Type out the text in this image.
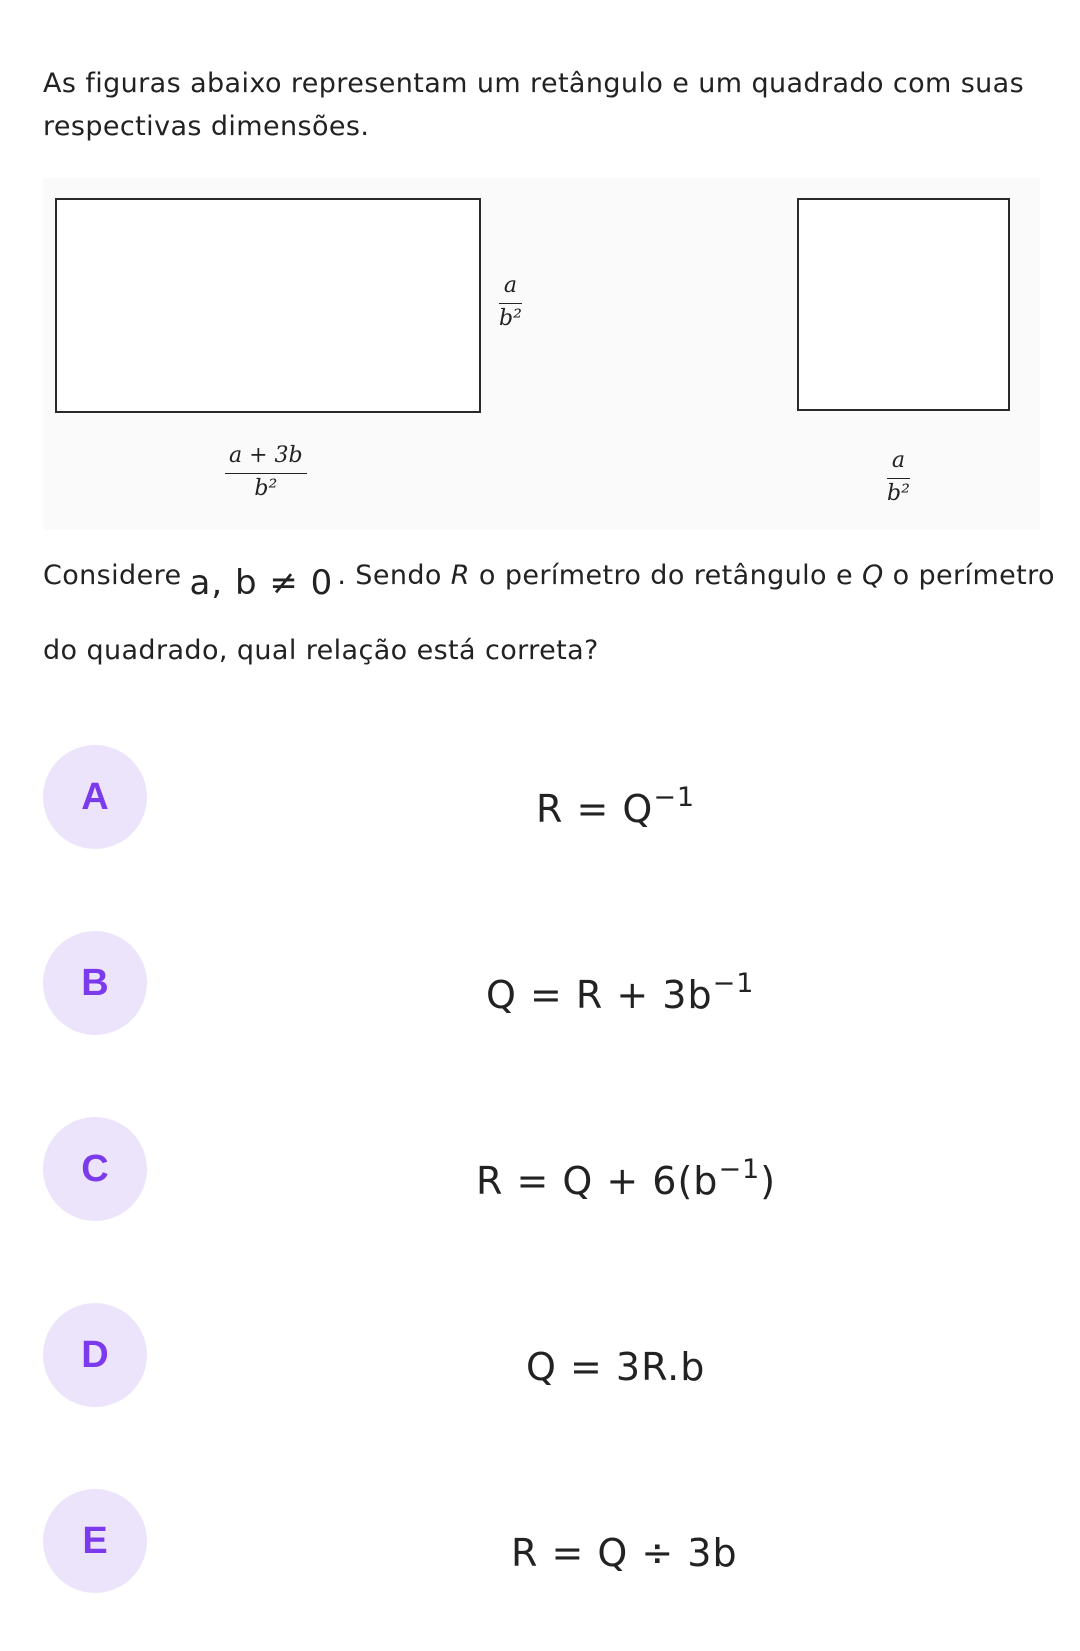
As figuras abaixo representam um retângulo e um quadrado com suas respectivas dimensões.

$\frac{a}{\text{b²}}$
$\frac{a + 3b}{\text{b²}}$	$\frac{a}{\text{b²}}$
Considere a, b ≠ 0 . Sendo R o perímetro do retângulo e Q o perímetro
do quadrado, qual relação está correta?
A	$R = Q^{-1}$
B	$Q = R + 3b^{-1}$
C	$R = Q + 6(b^{-1})$
D	Q = 3R.b
E	R = Q ÷ 3b
